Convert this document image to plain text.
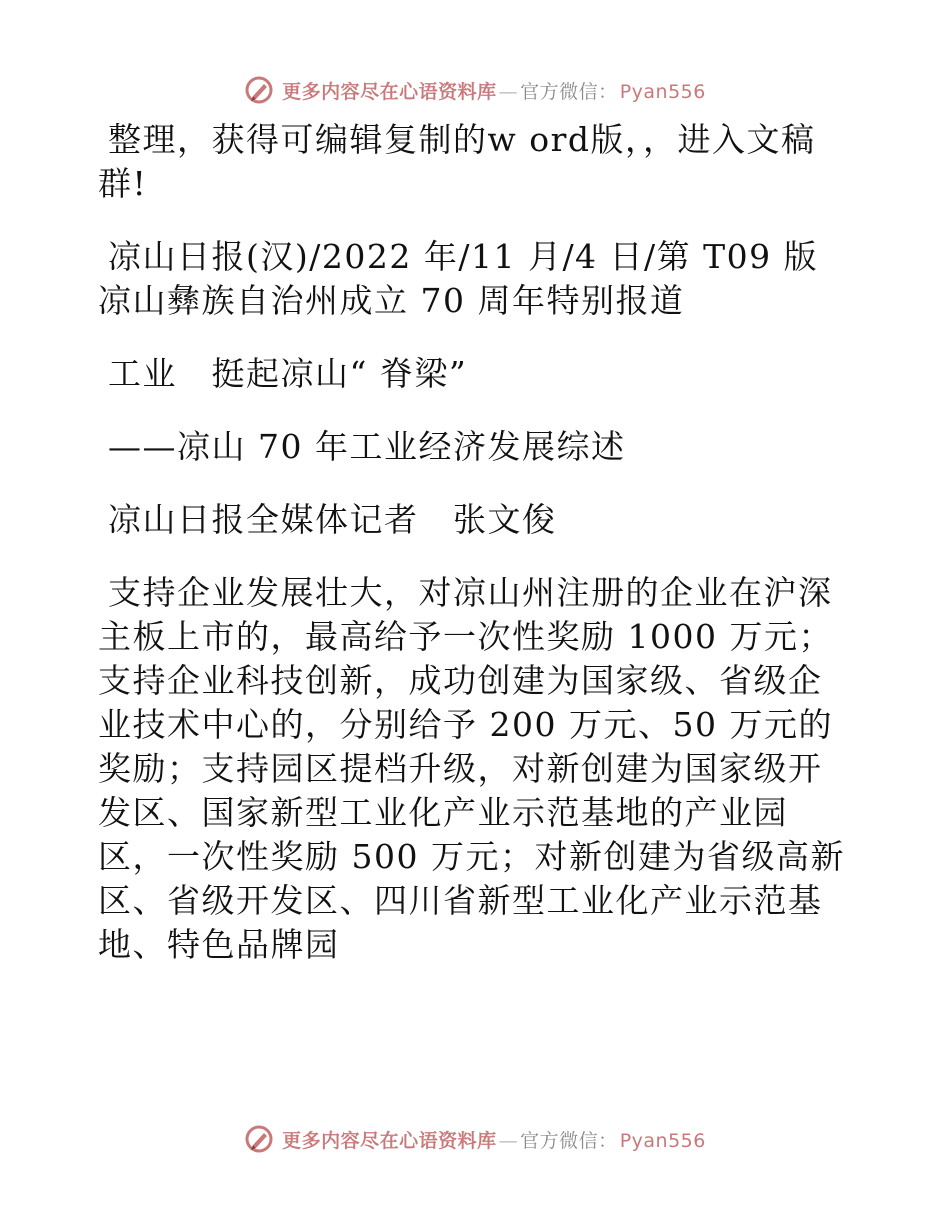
更多内容尽在心语资料库 — 官方微信： Pyan556

整理，获得可编辑复制的w ord版，，进入文稿群!

凉山日报(汉)/2022 年/11 月/4 日/第 T09 版凉山彝族自治州成立 70 周年特别报道

工业　挺起凉山“ 脊梁”

——凉山 70 年工业经济发展综述

凉山日报全媒体记者　张文俊

支持企业发展壮大，对凉山州注册的企业在沪深主板上市的，最高给予一次性奖励 1000 万元；支持企业科技创新，成功创建为国家级、省级企业技术中心的，分别给予 200 万元、50 万元的奖励；支持园区提档升级，对新创建为国家级开发区、国家新型工业化产业示范基地的产业园区，一次性奖励 500 万元；对新创建为省级高新区、省级开发区、四川省新型工业化产业示范基地、特色品牌园

更多内容尽在心语资料库 — 官方微信： Pyan556
